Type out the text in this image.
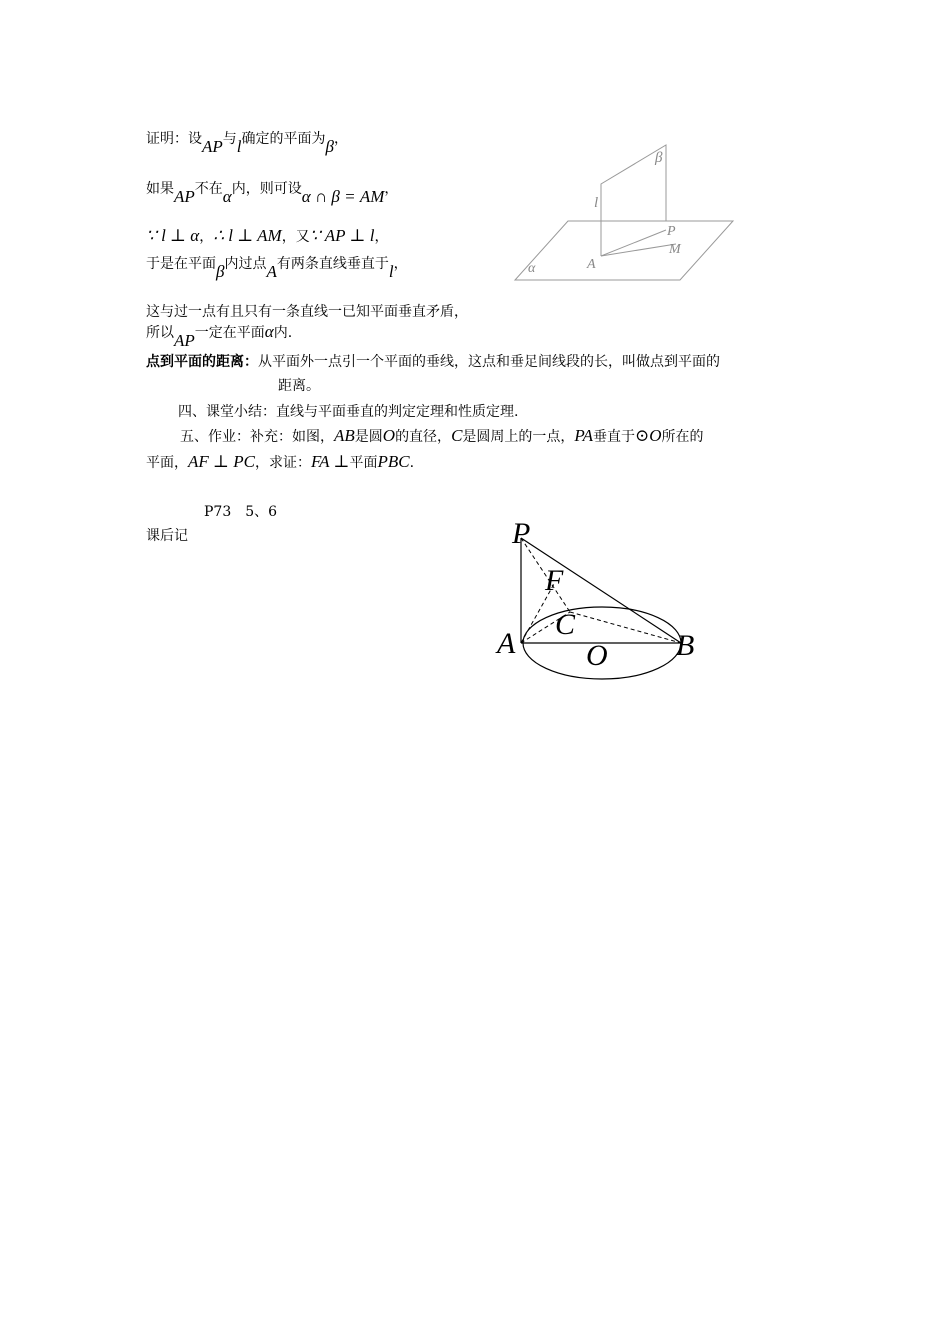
证明：设AP与l确定的平面为β，
如果AP不在α内，则可设α ∩ β = AM，
∵ l ⊥ α，∴ l ⊥ AM，又∵ AP ⊥ l，
于是在平面β内过点A有两条直线垂直于l，
这与过一点有且只有一条直线一已知平面垂直矛盾，
所以AP一定在平面α内.
点到平面的距离：从平面外一点引一个平面的垂线，这点和垂足间线段的长，叫做点到平面的
距离。
四、课堂小结：直线与平面垂直的判定定理和性质定理.
五、作业：补充：如图，AB是圆O的直径，C是圆周上的一点，PA垂直于⊙O所在的
平面，AF ⊥ PC，求证：FA ⊥平面PBC.
P73　5、6
课后记
β
l
P
M
A
α
P
F
C
A O B
